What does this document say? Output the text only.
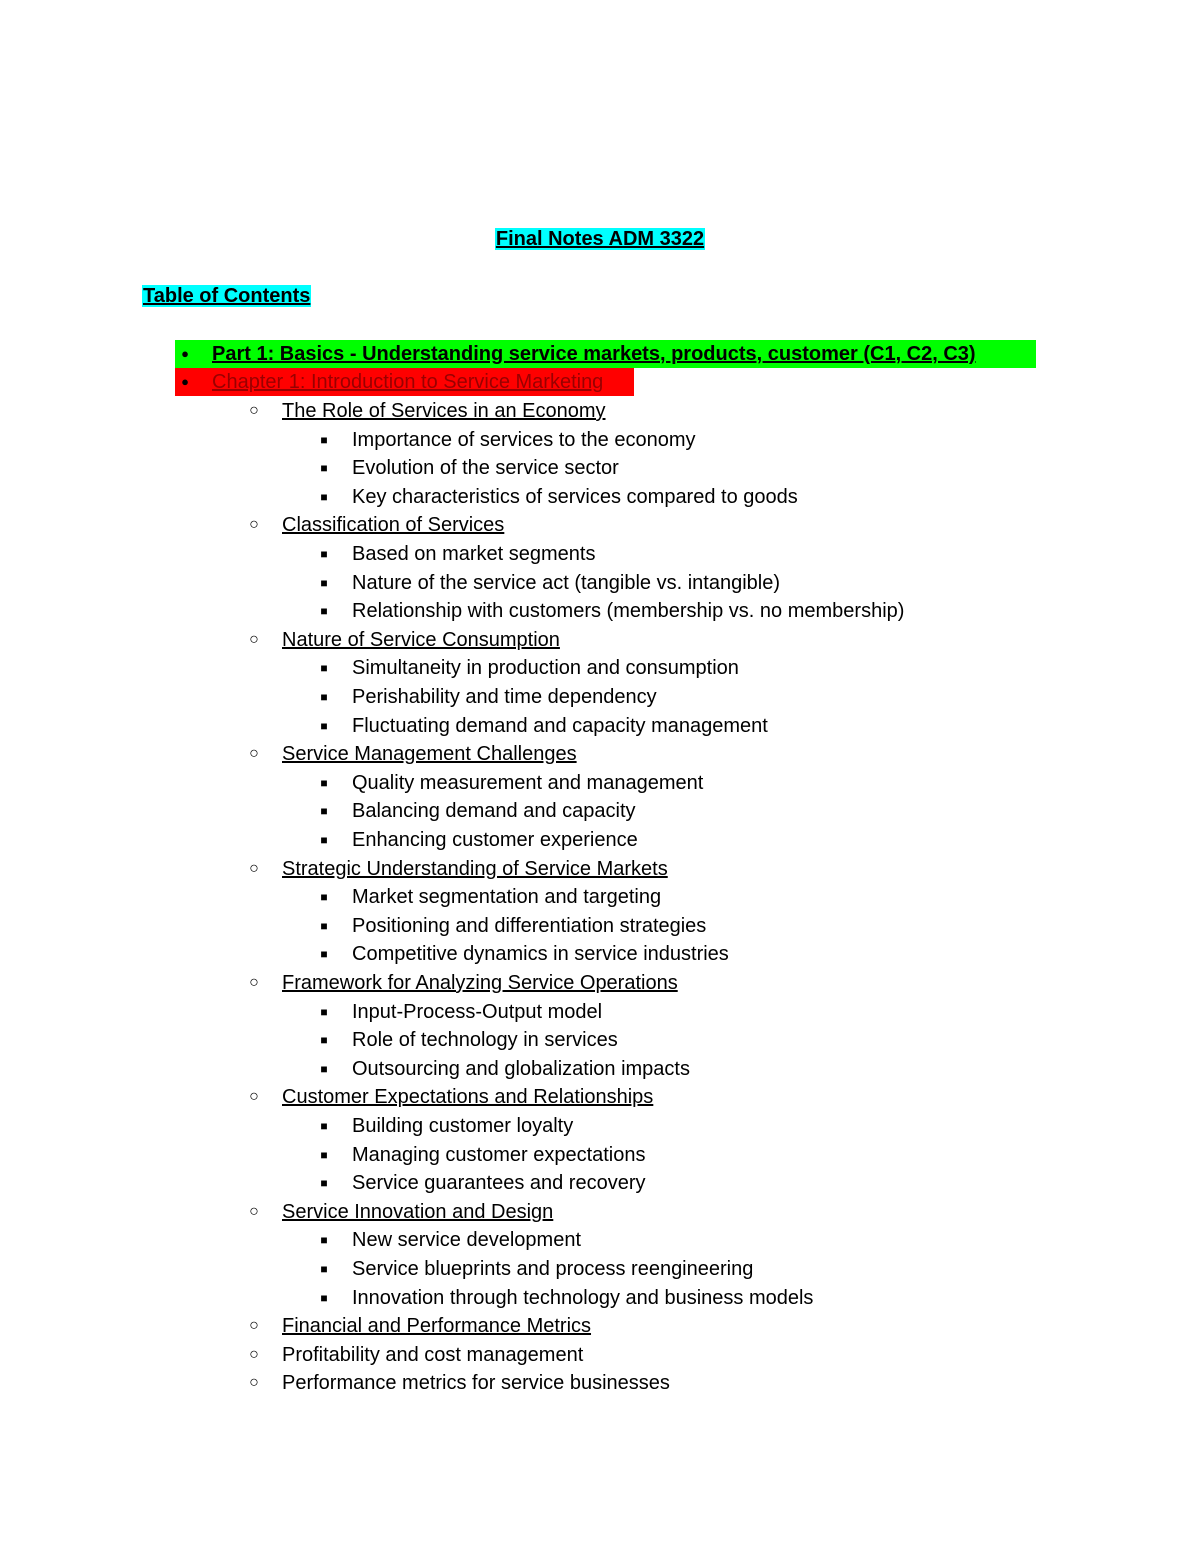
Final Notes ADM 3322
Table of Contents
●	Part 1: Basics - Understanding service markets, products, customer (C1, C2, C3)
●	Chapter 1: Introduction to Service Marketing
○ The Role of Services in an Economy
■	Importance of services to the economy
■	Evolution of the service sector
■	Key characteristics of services compared to goods
○ Classification of Services
■	Based on market segments
■	Nature of the service act (tangible vs. intangible)
■	Relationship with customers (membership vs. no membership)
○ Nature of Service Consumption
■	Simultaneity in production and consumption
■	Perishability and time dependency
■	Fluctuating demand and capacity management
○ Service Management Challenges
■	Quality measurement and management
■	Balancing demand and capacity
■	Enhancing customer experience
○ Strategic Understanding of Service Markets
■	Market segmentation and targeting
■	Positioning and differentiation strategies
■	Competitive dynamics in service industries
○ Framework for Analyzing Service Operations
■	Input-Process-Output model
■	Role of technology in services
■	Outsourcing and globalization impacts
○ Customer Expectations and Relationships
■	Building customer loyalty
■	Managing customer expectations
■	Service guarantees and recovery
○ Service Innovation and Design
■	New service development
■	Service blueprints and process reengineering
■	Innovation through technology and business models
○ Financial and Performance Metrics
○ Profitability and cost management
○ Performance metrics for service businesses
